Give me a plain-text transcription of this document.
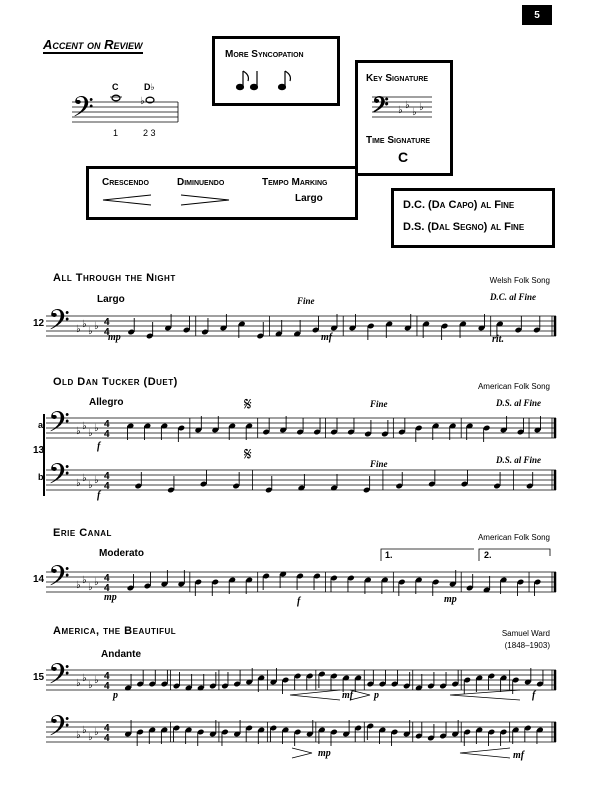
5
Accent on Review
C	D♭
𝄢	♭
1	2 3
More Syncopation
Key Signature
𝄢 ♭ ♭
♭ ♭
Time Signature
C
Crescendo	Diminuendo	Tempo Marking
Largo
D.C. (Da Capo) al Fine
D.S. (Dal Segno) al Fine
All Through the Night	Welsh Folk Song
Largo	Fine	D.C. al Fine
12 𝄢 ♭ ♭
♭ ♭ 4
4
mp	mf	rit.
Old Dan Tucker (Duet)	American Folk Song
Allegro	𝄋	Fine	D.S. al Fine
a
13
b
𝄢 ♭ ♭
♭ ♭ 4
4
f	𝄋	Fine	D.S. al Fine
𝄢 ♭ ♭
♭ ♭ 4
4
f
Erie Canal	American Folk Song
Moderato	1.	2.
14 𝄢 ♭ ♭
♭ ♭ 4
4
mp	f	mp
America, the Beautiful	Samuel Ward
(1848–1903)
Andante
15 𝄢 ♭ ♭
♭ ♭ 4
4
p	mf p	f
𝄢 ♭ ♭
♭ ♭ 4
4
mp	mf
